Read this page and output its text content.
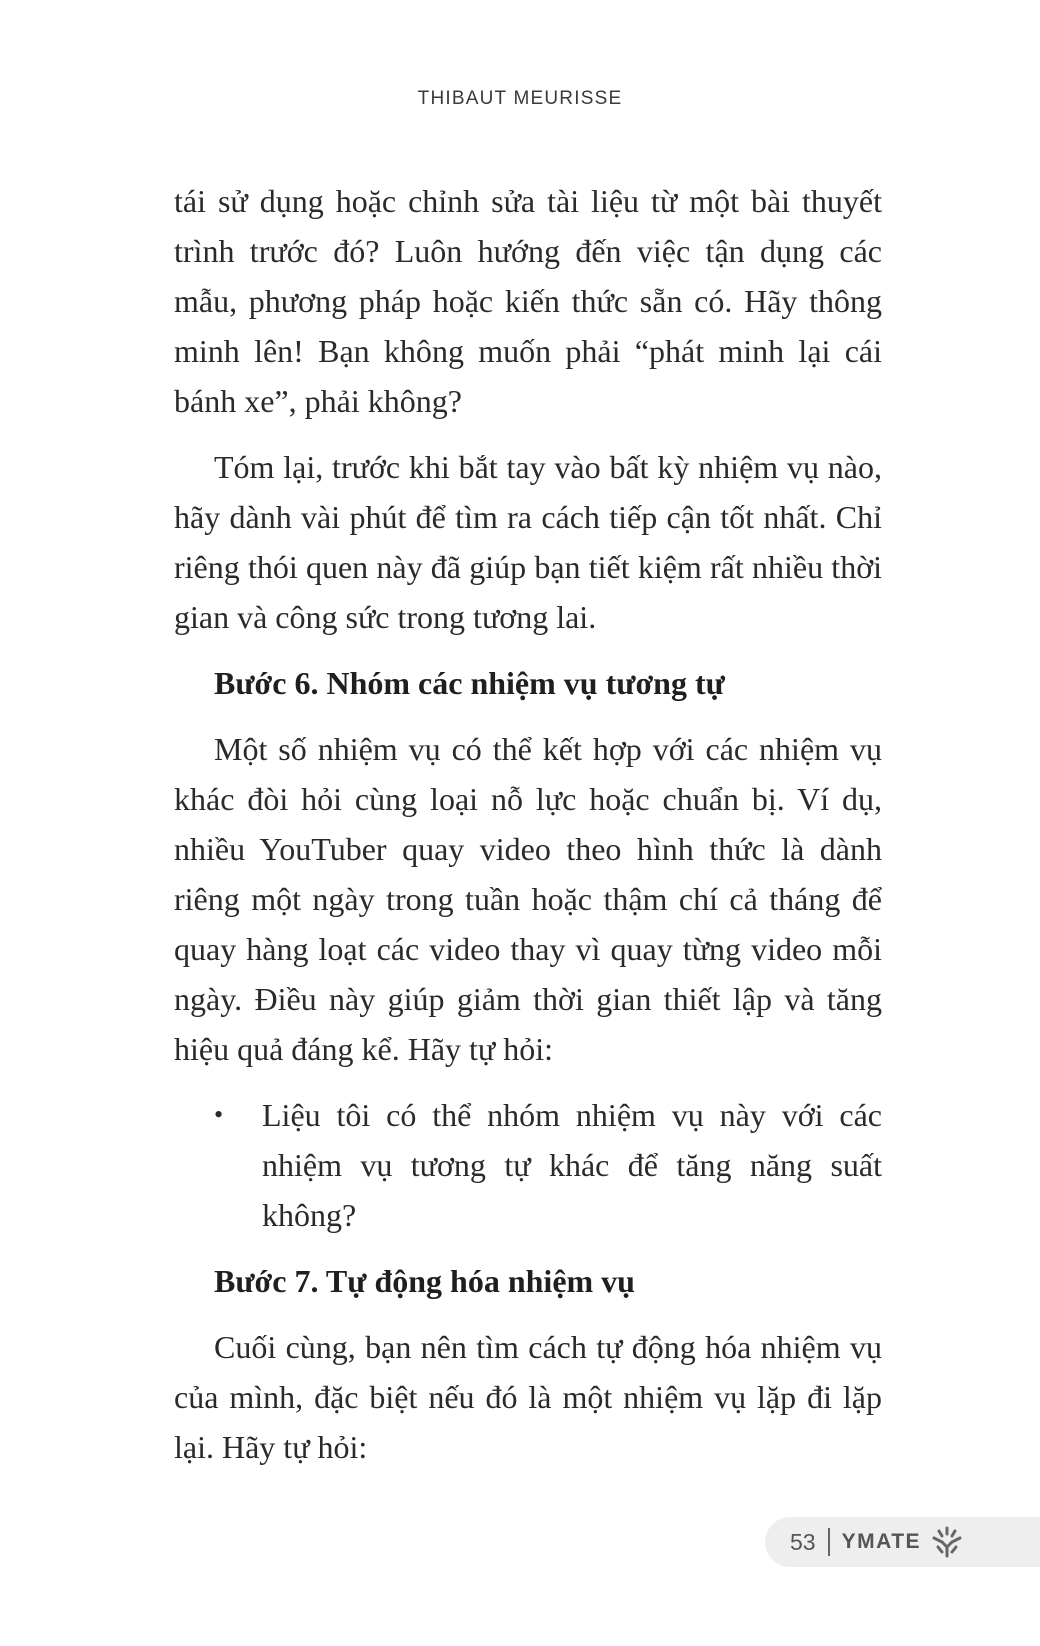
THIBAUT MEURISSE

tái sử dụng hoặc chỉnh sửa tài liệu từ một bài thuyết trình trước đó? Luôn hướng đến việc tận dụng các mẫu, phương pháp hoặc kiến thức sẵn có. Hãy thông minh lên! Bạn không muốn phải “phát minh lại cái bánh xe”, phải không?

Tóm lại, trước khi bắt tay vào bất kỳ nhiệm vụ nào, hãy dành vài phút để tìm ra cách tiếp cận tốt nhất. Chỉ riêng thói quen này đã giúp bạn tiết kiệm rất nhiều thời gian và công sức trong tương lai.

Bước 6. Nhóm các nhiệm vụ tương tự

Một số nhiệm vụ có thể kết hợp với các nhiệm vụ khác đòi hỏi cùng loại nỗ lực hoặc chuẩn bị. Ví dụ, nhiều YouTuber quay video theo hình thức là dành riêng một ngày trong tuần hoặc thậm chí cả tháng để quay hàng loạt các video thay vì quay từng video mỗi ngày. Điều này giúp giảm thời gian thiết lập và tăng hiệu quả đáng kể. Hãy tự hỏi:

• Liệu tôi có thể nhóm nhiệm vụ này với các nhiệm vụ tương tự khác để tăng năng suất không?
Bước 7. Tự động hóa nhiệm vụ

Cuối cùng, bạn nên tìm cách tự động hóa nhiệm vụ của mình, đặc biệt nếu đó là một nhiệm vụ lặp đi lặp lại. Hãy tự hỏi:

53 YMATE
